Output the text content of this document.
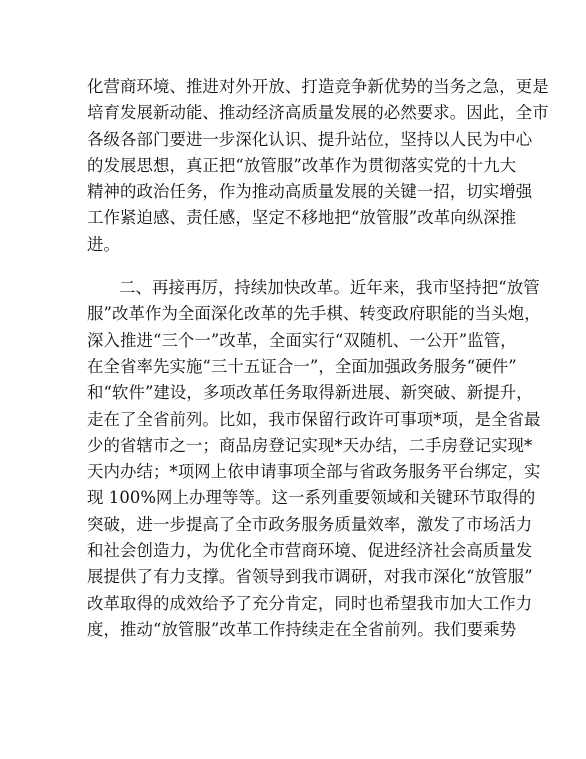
化营商环境、推进对外开放、打造竞争新优势的当务之急，更是
培育发展新动能、推动经济高质量发展的必然要求。因此，全市
各级各部门要进一步深化认识、提升站位，坚持以人民为中心
的发展思想，真正把“放管服”改革作为贯彻落实党的十九大
精神的政治任务，作为推动高质量发展的关键一招，切实增强
工作紧迫感、责任感，坚定不移地把“放管服”改革向纵深推
进。
二、再接再厉，持续加快改革。近年来，我市坚持把“放管
服”改革作为全面深化改革的先手棋、转变政府职能的当头炮，
深入推进“三个一”改革，全面实行“双随机、一公开”监管，
在全省率先实施“三十五证合一”，全面加强政务服务“硬件”
和“软件”建设，多项改革任务取得新进展、新突破、新提升，
走在了全省前列。比如，我市保留行政许可事项*项，是全省最
少的省辖市之一；商品房登记实现*天办结，二手房登记实现*
天内办结；*项网上依申请事项全部与省政务服务平台绑定，实
现 100%网上办理等等。这一系列重要领域和关键环节取得的
突破，进一步提高了全市政务服务质量效率，激发了市场活力
和社会创造力，为优化全市营商环境、促进经济社会高质量发
展提供了有力支撑。省领导到我市调研，对我市深化“放管服”
改革取得的成效给予了充分肯定，同时也希望我市加大工作力
度，推动“放管服”改革工作持续走在全省前列。我们要乘势
